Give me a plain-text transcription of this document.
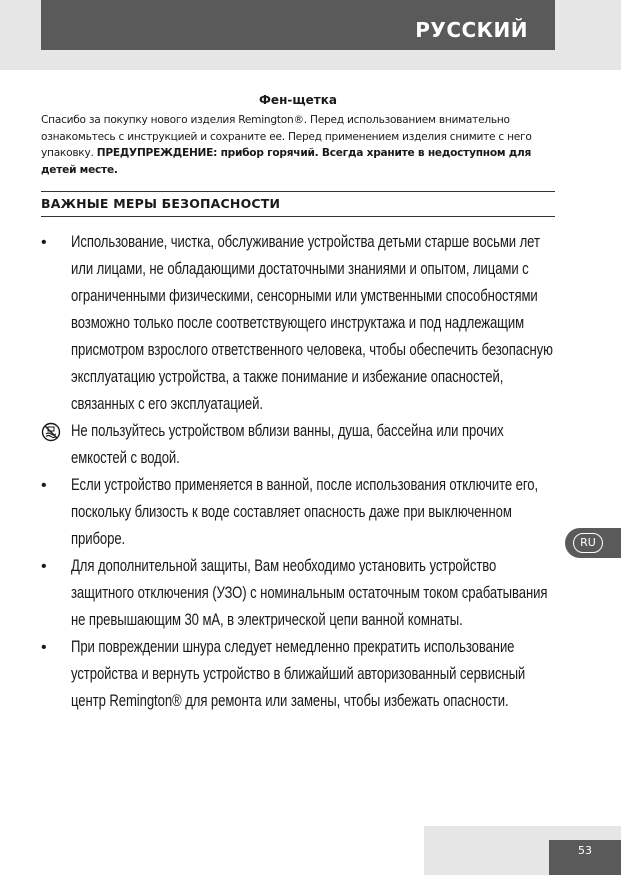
РУССКИЙ
Фен-щетка
Спасибо за покупку нового изделия Remington®. Перед использованием внимательно ознакомьтесь с инструкцией и сохраните ее. Перед применением изделия снимите с него упаковку. ПРЕДУПРЕЖДЕНИЕ: прибор горячий. Всегда храните в недоступном для детей месте.
ВАЖНЫЕ МЕРЫ БЕЗОПАСНОСТИ
• Использование, чистка, обслуживание устройства детьми старше восьми лет или лицами, не обладающими достаточными знаниями и опытом, лицами с ограниченными физическими, сенсорными или умственными способностями возможно только после соответствующего инструктажа и под надлежащим присмотром взрослого ответственного человека, чтобы обеспечить безопасную эксплуатацию устройства, а также понимание и избежание опасностей, связанных с его эксплуатацией.

Не пользуйтесь устройством вблизи ванны, душа, бассейна или прочих емкостей с водой.

• Если устройство применяется в ванной, после использования отключите его, поскольку близость к воде составляет опасность даже при выключенном приборе.

• Для дополнительной защиты, Вам необходимо установить устройство защитного отключения (УЗО) с номинальным остаточным током срабатывания не превышающим 30 мА, в электрической цепи ванной комнаты.

• При повреждении шнура следует немедленно прекратить использование устройства и вернуть устройство в ближайший авторизованный сервисный центр Remington® для ремонта или замены, чтобы избежать опасности.

RU
53
